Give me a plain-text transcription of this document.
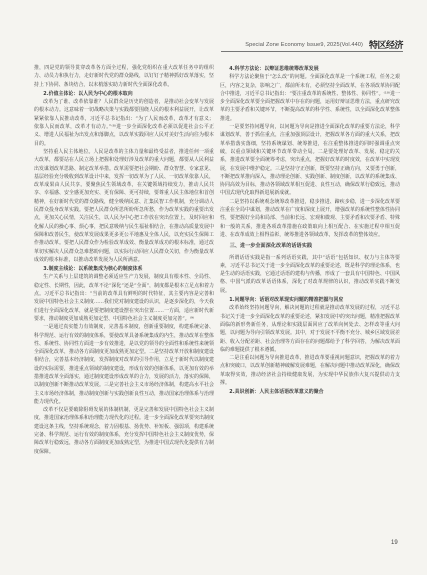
Special Zone Economy Issue9, 2025(Vol.440) 特区经济

推，四是党的领导贯穿改革各方面全过程，强化党组织在重大改革任务中的组织力、动员力和执行力，走好新时代党的群众路线，以钉钉子精神抓好改革落实，坚持上下协同、条块结合，以末梢落实助力新时代全面深化改革。

2.价值主体论：以人民为中心的根本取向

改革为了谁、改革依靠谁？人民群众是历史的创造者，是推动社会变革与发展的根本动力。这意味着一切战略决策与实践都要围绕人民的根本利益展开，让改革紧紧依靠人民推动改革，习近平总书记指出：“为了人民而改革，改革才有意义；依靠人民而改革，改革才有动力。”⁽⁸⁾进一步全面深化改革必须以促进社会公平正义、增进人民福祉为出发点和落脚点，以改革实践回应人民对美好生活向往为根本目的。

坚持重人民主体地位。人民是改革的主体力量和最终受益者，推进任何一项重大改革，都要站在人民立场上把握和处理好涉及改革的重大问题，都要从人民利益出发谋划改革思路、制定改革举措。改革需要把社会期盼、群众智慧、专家意见、基层经验充分吸收到改革设计中来，发挥一切改革为了人民、一切改革依靠人民，改革成果由人民共享。要聚焦民生领域改革，在关键领域持续发力，推动人民共享、幸福感、安全感更加充实、更有保障、更可持续，要尊重人民主体地位和首创精神，在好新时代党的群众路线，健全吸纳民意、汇集民智工作机制，充分调动人民群众投身改革实践。要把人民群众所思所盼所急所愁，作为改革实践的重要出发点，更加关心民情，关注民生，以人民为中心把工作放在突出位置上，及时回应和化解人民的操心事、烦心事，把民意吸纳与民生福祉相结合，在推动高质量发展中保障和改善民生，使改革发展成果更多更公平地惠及全体人民，以充实民生保障工作推动改革。要把人民群众作为检验改革成效、衡量改革成功的根本标准，通过改革切实解决人民群众急难愁盼问题，以实际行动回应人民群众关切，作为衡量改革成效的根本标准，以推动改革发展为人民所满意。

3.制度主线论：以系统集成为核心的制度体系

生产关系与上层建筑的调整必须适应生产力发展，制度具有根本性、全局性、稳定性、长期性，因此，改革不论“深化”还是“全面”，制度都是根本立足点和着力点。习近平总书记指出：“当前的改革具有鲜明的时代特征，其主要内容是完善和发展中国特色社会主义制度……我们党对制度建设的认识，是逐步深化的，今天我们进行全面深化改革，就是要把制度建设摆在突出位置……一方面，适应新时代新要求，推动制度更加成熟更加定型、中国特色社会主义制度更加完善”。⁽⁹⁾

一是通过真实能力有效制度，完善基本制度，创新重要制度，构建系统完备、科学规范、运行有效的制度体系，要使改革具备系统集成的内生，推动改革在整体性、系统性、协同性方面进一步有效推进，是以党的领导的全面性和系统性来统领全面深化改革，推动各方面制度更加成熟更加定型。二是坚持改革开放和制度建设相结合，完善基本经济制度，发挥制度对改革的引导作用，立足于新时代以制度建设的实际需要，推进重点领域的制度建设，形成有效的创新体系，以更加有效的举措推进改革全面落实，通过制度建设形成改革的合力，发展的活力，落实的保障，以制度创新不断推动改革发展。三是完善社会主义市场经济体制，构建高水平社会主义市场经济体制，推动制度创新与实践创新良性互动，推动国家治理体系与治理能力现代化。

改革不仅是要破除阻碍发展的体制机制，更是完善和发展中国特色社会主义制度，推进国家治理体系和治理能力现代化的过程。进一步全面深化改革要突出制度建设这条主线，坚持系统观念，着力固根基、扬优势、补短板、强弱项，构建系统完备、科学规范、运行有效的制度体系，充分发挥中国特色社会主义制度优势，保障改革行稳致远，推动各方面制度更加成熟定型，为推进中国式现代化提供有力制度保障。

4.科学方法论：以辩证思维统筹改革发展

科学方法论聚焦于“怎么改”的问题。全面深化改革是一个系统工程，任务之艰巨，内容之复杂，影响之广，都前所未有，必须坚持全面改革，在各项改革协同配合中推进，习近平总书记指出：“要注重改革的系统性、整体性、协同性”。⁽¹⁰⁾进一步全面深化改革要全面把握改革中存在的问题，运用好辩证思维方法，重点研究改革的主要矛盾和关键环节，不断提高改革的科学性、系统性，以全面深化改革整体推进。

一是要坚持问题导向，以问题为导向是推进全面深化改革的重要方法论，科学谋划改革，善于抓住重点，注重加强顶层设计，把握改革各方面的重大关系，把改革举措落实落细，坚持系统谋划、统筹推进，在注重整体推进的同时强调重点突破，以重点领域和关键环节改革带动全局。二是要处理好改革、发展、稳定的关系，推进改革要全面统筹考虑，突出重点，把握好改革的时度效，在改革中实现发展，在发展中维护稳定。三是坚持守正创新，既要坚持正确方向，又要勇于创新，不断把改革推向深入，推动理论创新、实践创新、制度创新，以改革的系统集成、协同高效为目标，推动各领域改革相互促进、良性互动，确保改革行稳致远，推动中国式现代化取得新进展新成就。

二是坚持以系统观念统筹改革推进，稳步推进、蹄疾步稳，进一步深化改革要注重在全局中谋划，推动改革在广度和深度上展开，增强改革的系统性整体性协同性，要把握好全局和局部、当前和长远、宏观和微观、主要矛盾和次要矛盾、特殊和一般的关系，推进各项改革措施在政策取向上相互配合、在实施过程中相互促进、在改革成效上相得益彰，统筹推进各领域改革，发挥改革的整体效应。

三、进一步全面深化改革的话语实践

所谓话语实践是指一系列话语实践，其中“话语”包括知识、权力与主体等要素，习近平总书记关于进一步全面深化改革的重要论述，既是科学的理论体系，也是生动的话语实践，它通过话语的建构与传播，形成了一套具有中国特色、中国风格、中国气派的改革话语体系，深化了对改革规律的认识，推动改革实践不断发展。

1.问题导向：话语对改革现实问题的精准把握与回应

改革始终坚持问题导向，解决问题的过程就是推动改革发展的过程，习近平总书记关于进一步全面深化改革的重要论述，紧扣发展中的突出问题，精准把握改革面临的新形势新任务，从理论和实践层面回应了改革向何处去、怎样改等重大问题，以问题为导向引领改革发展。其中，对于发展不平衡不充分、城乡区域发展差距、收入分配差距、社会治理等方面存在的问题都给予了科学回答，为解决改革面临的难题提供了根本遵循。

二是注重以问题为导向推进改革，推进改革要重视问题意识，把握改革的着力点和突破口，以改革创新精神破解发展难题，在解决问题中推动改革深化，确保改革取得实效，推动经济社会持续健康发展，为实现中华民族伟大复兴提供动力支撑。

2.具识创新：人民主体话语改革意义的聚合
19
